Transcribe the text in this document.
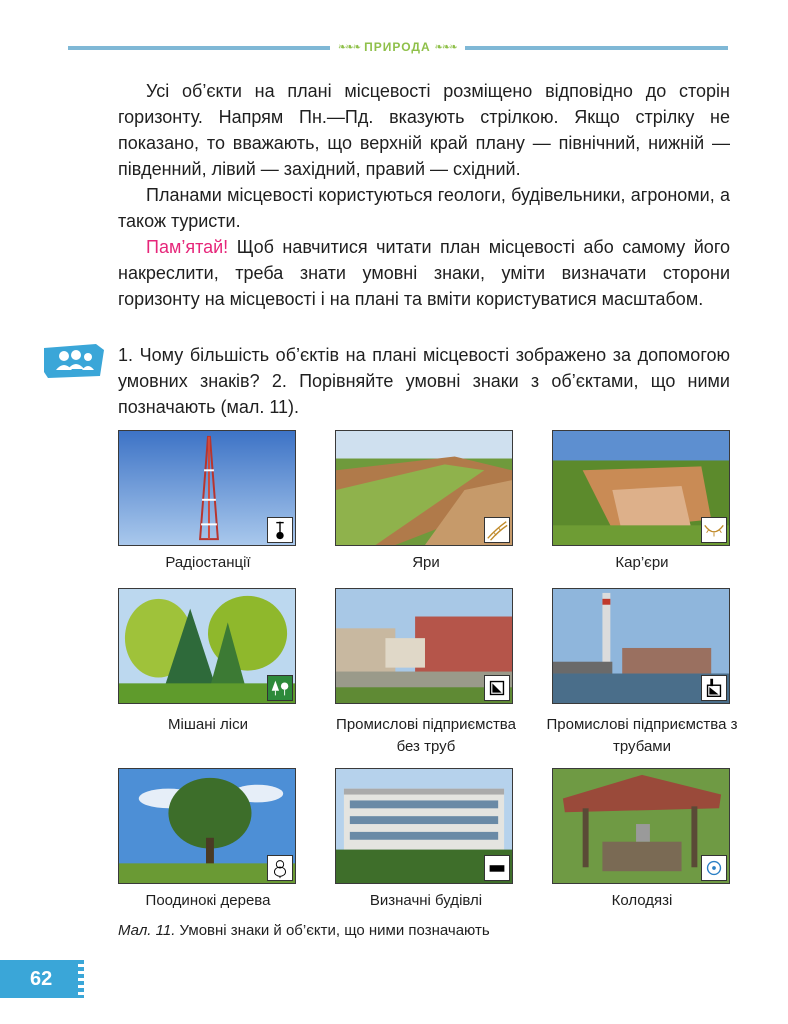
❧❧❧ ПРИРОДА ❧❧❧

Усі об’єкти на плані місцевості розміщено відповідно до сторін горизонту. Напрям Пн.—Пд. вказують стрілкою. Якщо стрілку не показано, то вважають, що верхній край плану — північний, нижній — південний, лівий — західний, правий — східний.

Планами місцевості користуються геологи, будівельники, агрономи, а також туристи.

Пам’ятай! Щоб навчитися читати план місцевості або самому його накреслити, треба знати умовні знаки, уміти визначати сторони горизонту на місцевості і на плані та вміти користуватися масштабом.

1. Чому більшість об’єктів на плані місцевості зображено за допомогою умовних знаків? 2. Порівняйте умовні знаки з об’єктами, що ними позначають (мал. 11).

Радіостанції	Яри	Кар’єри
Мішані ліси	Промислові підприємства без труб
Промислові підприємства з трубами
Поодинокі дерева	Визначні будівлі	Колодязі
Мал. 11. Умовні знаки й об’єкти, що ними позначають
62
